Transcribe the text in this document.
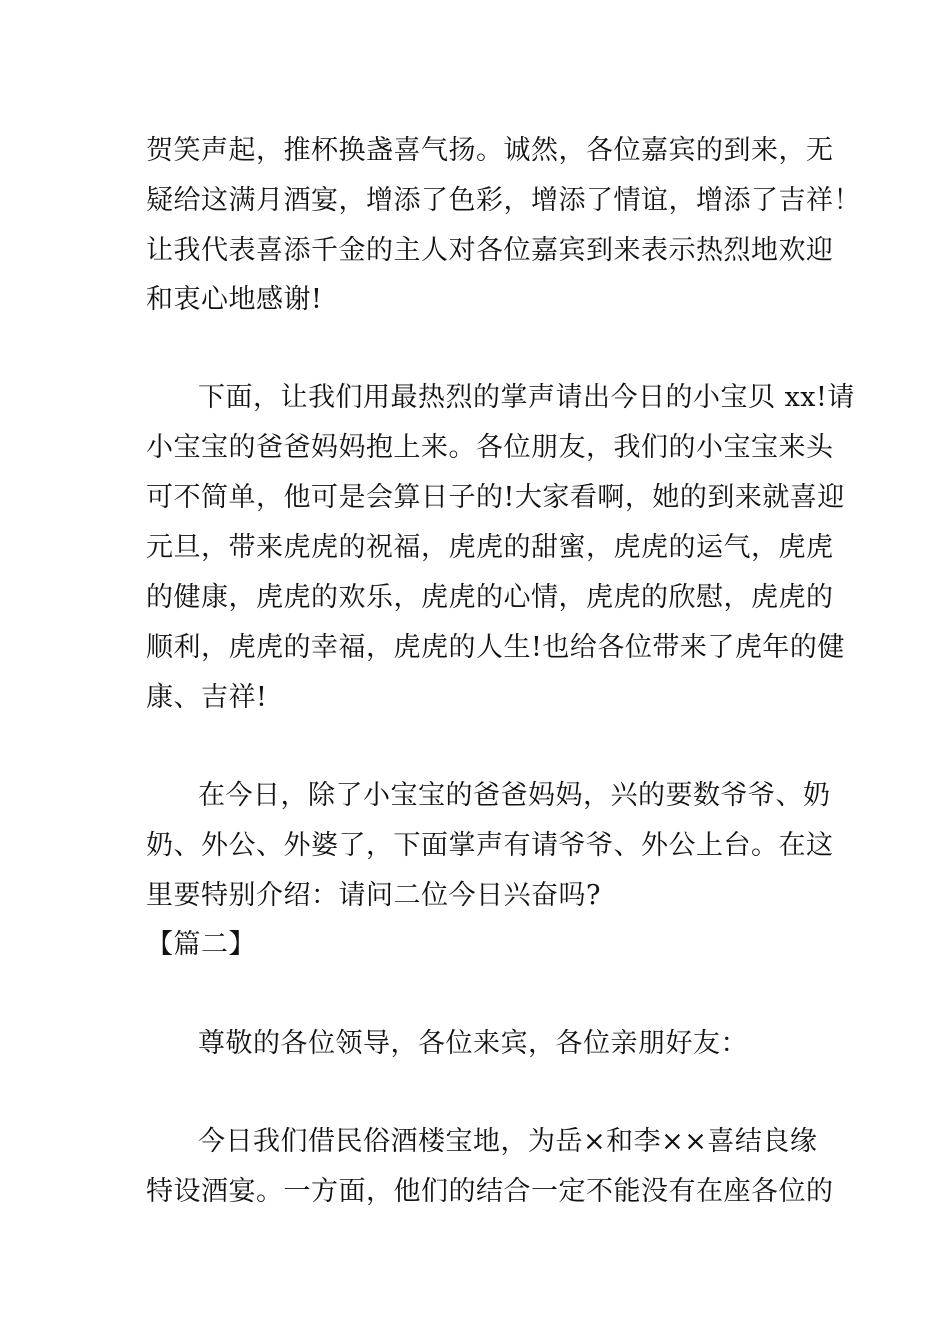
贺笑声起，推杯换盏喜气扬。诚然，各位嘉宾的到来，无
疑给这满月酒宴，增添了色彩，增添了情谊，增添了吉祥！
让我代表喜添千金的主人对各位嘉宾到来表示热烈地欢迎
和衷心地感谢!
下面，让我们用最热烈的掌声请出今日的小宝贝 xx!请
小宝宝的爸爸妈妈抱上来。各位朋友，我们的小宝宝来头
可不简单，他可是会算日子的!大家看啊，她的到来就喜迎
元旦，带来虎虎的祝福，虎虎的甜蜜，虎虎的运气，虎虎
的健康，虎虎的欢乐，虎虎的心情，虎虎的欣慰，虎虎的
顺利，虎虎的幸福，虎虎的人生!也给各位带来了虎年的健
康、吉祥!
在今日，除了小宝宝的爸爸妈妈，兴的要数爷爷、奶
奶、外公、外婆了，下面掌声有请爷爷、外公上台。在这
里要特别介绍：请问二位今日兴奋吗?
【篇二】
尊敬的各位领导，各位来宾，各位亲朋好友：
今日我们借民俗酒楼宝地，为岳×和李××喜结良缘
特设酒宴。一方面，他们的结合一定不能没有在座各位的
